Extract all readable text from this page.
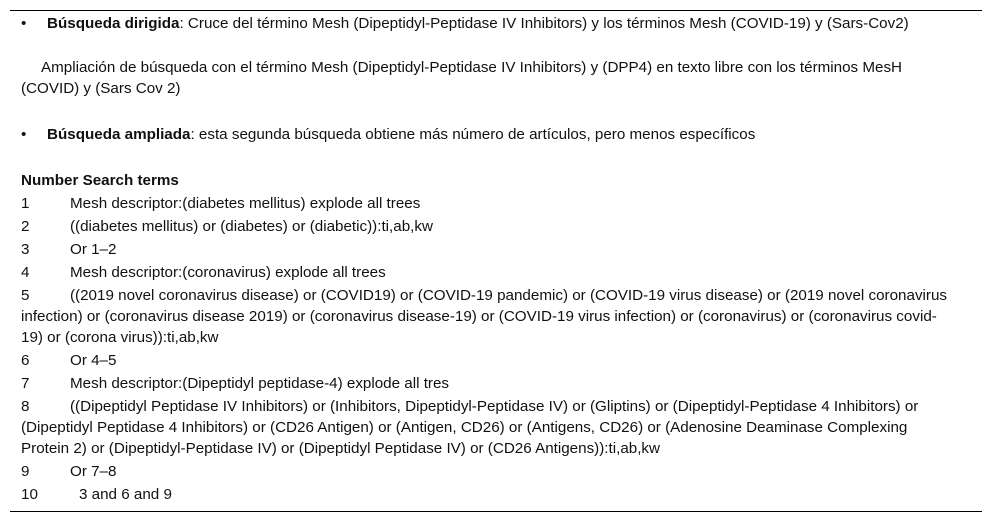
• Búsqueda dirigida: Cruce del término Mesh (Dipeptidyl-Peptidase IV Inhibitors) y los términos Mesh (COVID-19) y (Sars-Cov2)
Ampliación de búsqueda con el término Mesh (Dipeptidyl-Peptidase IV Inhibitors) y (DPP4) en texto libre con los términos MesH (COVID) y (Sars Cov 2)
• Búsqueda ampliada: esta segunda búsqueda obtiene más número de artículos, pero menos específicos
Number Search terms
1	Mesh descriptor:(diabetes mellitus) explode all trees
2	((diabetes mellitus) or (diabetes) or (diabetic)):ti,ab,kw
3	Or 1–2
4	Mesh descriptor:(coronavirus) explode all trees
5	((2019 novel coronavirus disease) or (COVID19) or (COVID-19 pandemic) or (COVID-19 virus disease) or (2019 novel coronavirus infection) or (coronavirus disease 2019) or (coronavirus disease-19) or (COVID-19 virus infection) or (coronavirus) or (coronavirus covid-19) or (corona virus)):ti,ab,kw
6	Or 4–5
7	Mesh descriptor:(Dipeptidyl peptidase-4) explode all tres
8	((Dipeptidyl Peptidase IV Inhibitors) or (Inhibitors, Dipeptidyl-Peptidase IV) or (Gliptins) or (Dipeptidyl-Peptidase 4 Inhibitors) or (Dipeptidyl Peptidase 4 Inhibitors) or (CD26 Antigen) or (Antigen, CD26) or (Antigens, CD26) or (Adenosine Deaminase Complexing Protein 2) or (Dipeptidyl-Peptidase IV) or (Dipeptidyl Peptidase IV) or (CD26 Antigens)):ti,ab,kw
9	Or 7–8
10	3 and 6 and 9
